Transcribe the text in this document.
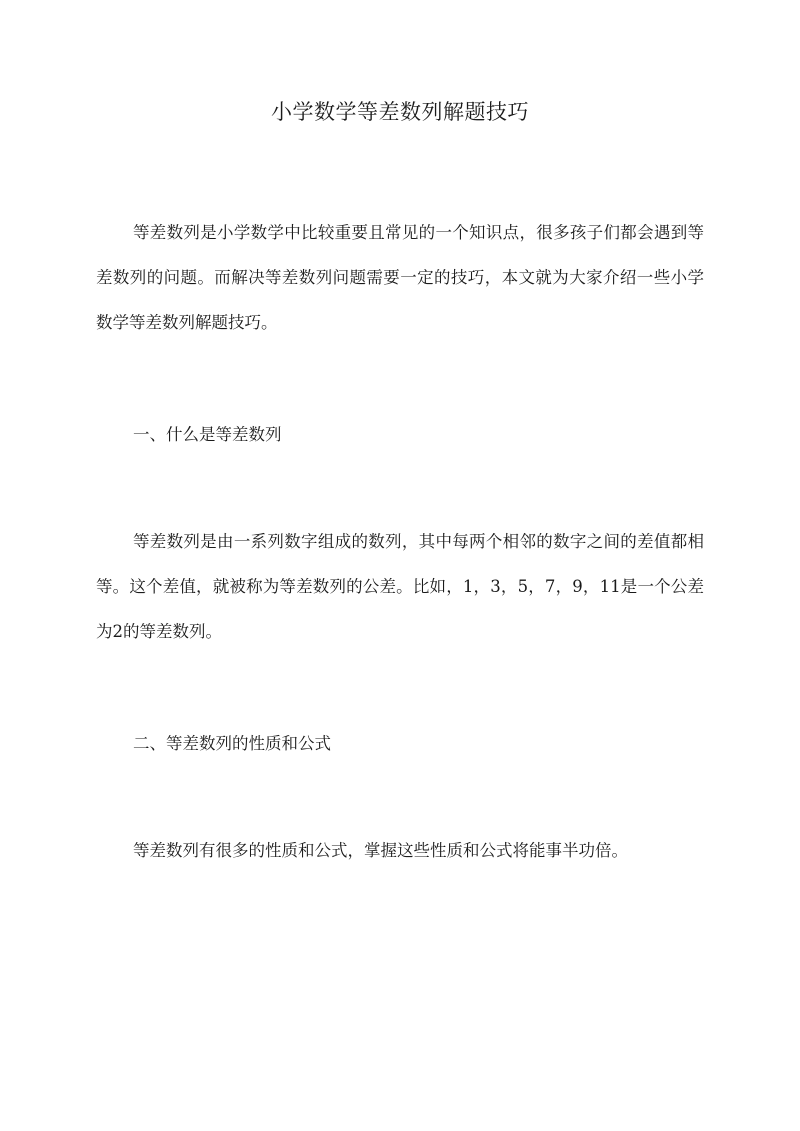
小学数学等差数列解题技巧

等差数列是小学数学中比较重要且常见的一个知识点，很多孩子们都会遇到等差数列的问题。而解决等差数列问题需要一定的技巧，本文就为大家介绍一些小学数学等差数列解题技巧。

一、什么是等差数列

等差数列是由一系列数字组成的数列，其中每两个相邻的数字之间的差值都相等。这个差值，就被称为等差数列的公差。比如，1，3，5，7，9，11是一个公差为2的等差数列。

二、等差数列的性质和公式

等差数列有很多的性质和公式，掌握这些性质和公式将能事半功倍。
